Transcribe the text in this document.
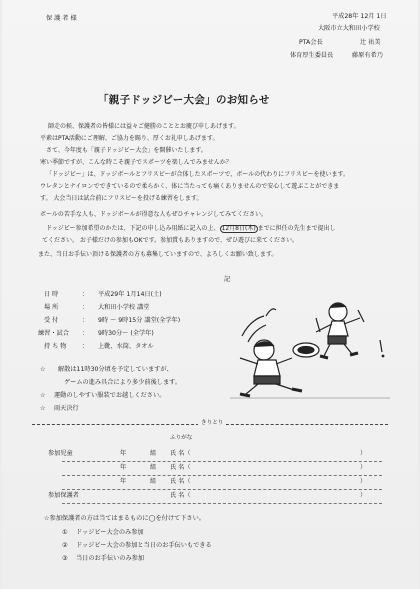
保 護 者 様	平成28年 12月 1日
大阪市立大和田小学校
PTA会長	辻 祐美
体育厚生委員長	藤原有希乃
「親子ドッジビー大会」のお知らせ
師走の候、保護者の皆様には益々ご健勝のこととお慶び申しあげます。
平素はPTA活動にご理解、ご協力を賜り、厚くお礼申しあげます。
さて、今年度も「親子ドッジビー大会」を開催いたします。
寒い季節ですが、こんな時こそ親子でスポーツを楽しんでみませんか？
「ドッジビー」は、ドッジボールとフリスビーが合体したスポーツで、ボールの代わりにフリスビーを使います。
ウレタンとナイロンでできているので柔らかく、体に当たっても痛くありませんので安心して遊ぶことができま
す。 大会当日は試合前にフリスビーを投げる練習をします。
ボールの苦手な人も、ドッジボールが得意な人もぜひチャレンジしてみてください。
ドッジビー参加希望のかたは、下記の申し込み用紙に記入の上、 12月8日(木) までに担任の先生まで提出し
てください。 お子様だけの参加もOKです。参加賞もありますので、ぜひ遊びに来てください。
また、当日お手伝い頂ける保護者の方も募集していますので、よろしくお願い致します。
記
日 時	： 平成29年 1月14日(土)
場 所	： 大和田小学校 講堂
受 付	： 9時 ～ 9時15分 講堂(全学年)
練習・試合 ： 9時30分～ (全学年)
持 ち 物	： 上靴、水筒、タオル
☆ 解散は11時30分頃を予定していますが、
ゲームの進み具合により多少前後します。
☆ 運動のしやすい服装でお越しください。
☆ 雨天決行
きりとり
ふりがな
参加児童	年	組 氏 名（	）
年	組 氏 名（	）
年	組 氏 名（	）
参加保護者	氏 名（	）
☆参加保護者の方は当てはまるものに◯を付けて下さい。
① ドッジビー大会のみ参加
② ドッジビー大会の参加と当日のお手伝いもできる
③ 当日のお手伝いのみ参加
